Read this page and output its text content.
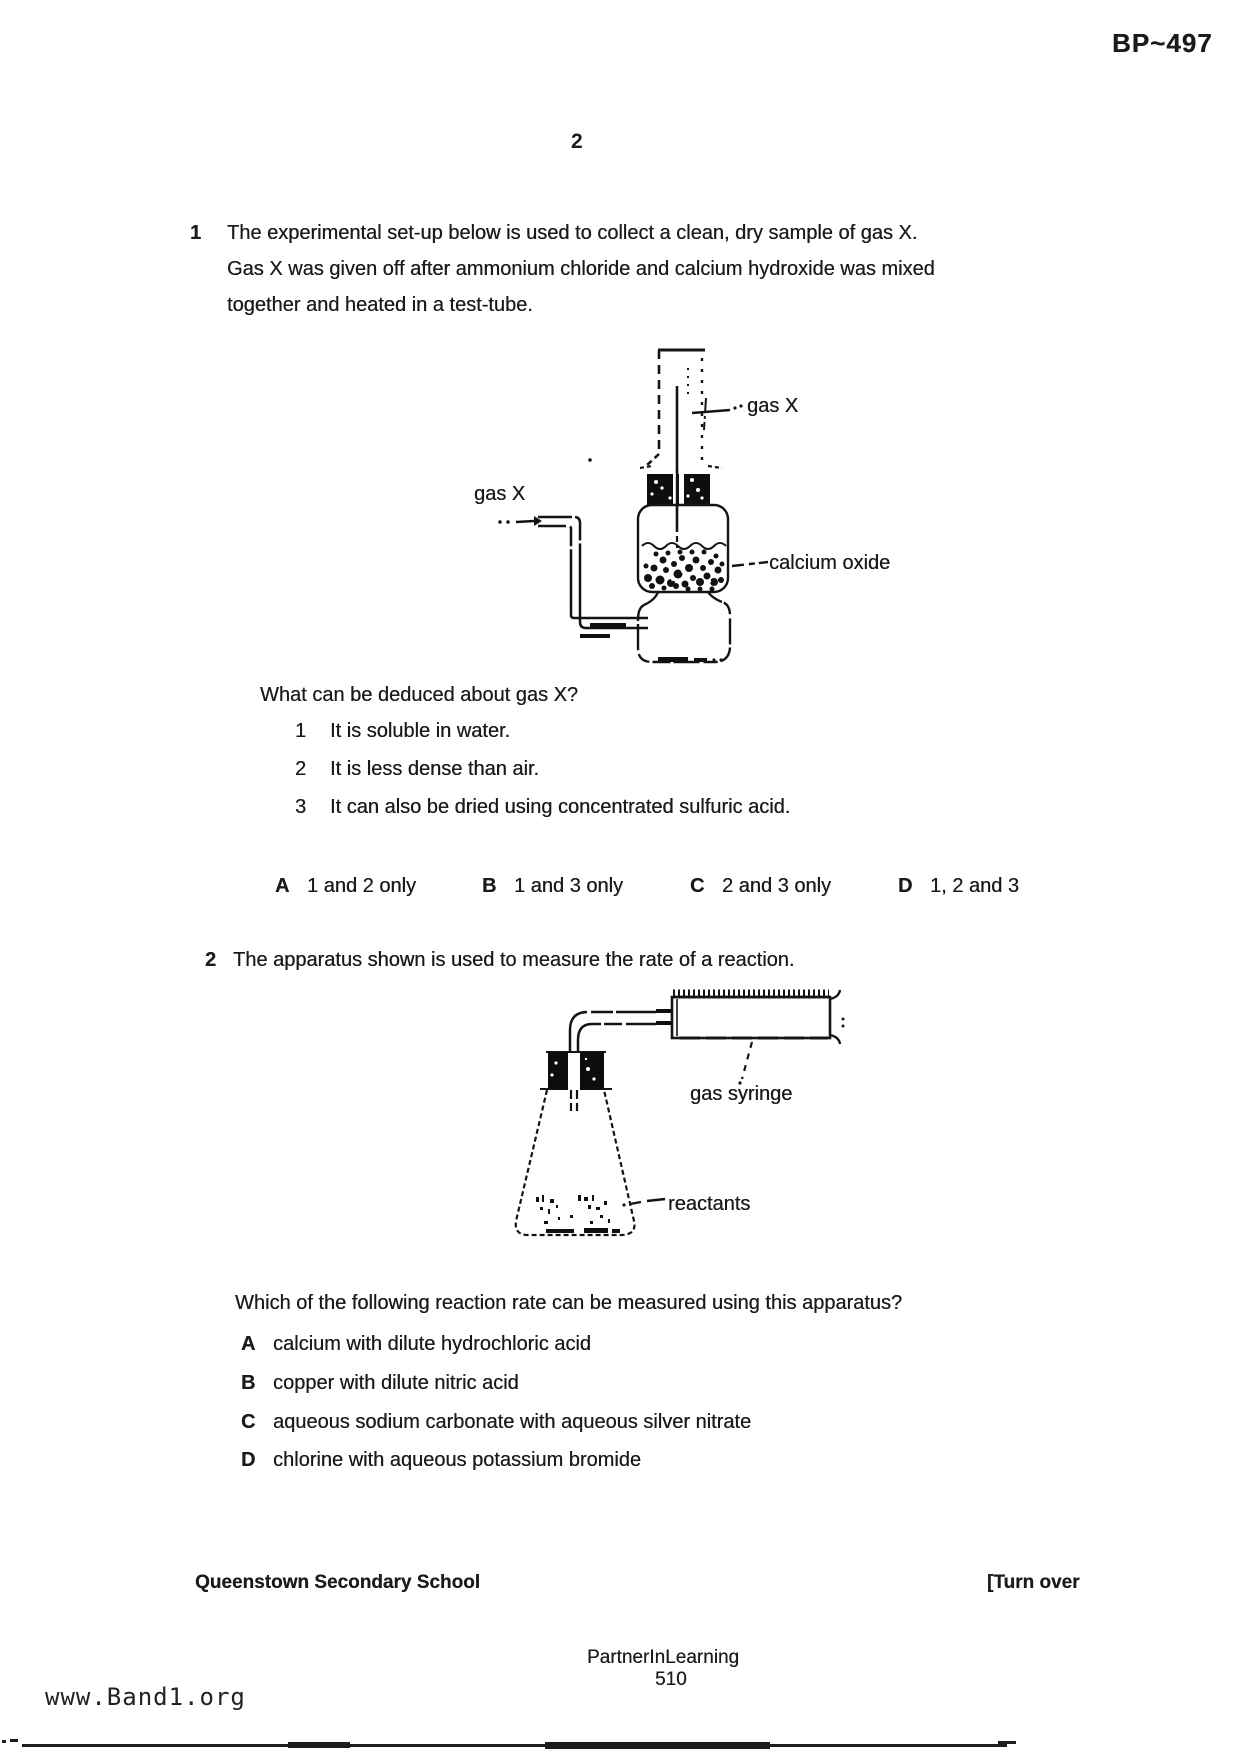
BP~497
2
1 The experimental set-up below is used to collect a clean, dry sample of gas X.
Gas X was given off after ammonium chloride and calcium hydroxide was mixed
together and heated in a test-tube.
gas X
gas X
calcium oxide
What can be deduced about gas X?
1 It is soluble in water.
2 It is less dense than air.
3 It can also be dried using concentrated sulfuric acid.
A 1 and 2 only	B 1 and 3 only	C 2 and 3 only	D 1, 2 and 3
2 The apparatus shown is used to measure the rate of a reaction.
gas syringe
reactants
Which of the following reaction rate can be measured using this apparatus?
A calcium with dilute hydrochloric acid
B copper with dilute nitric acid
C aqueous sodium carbonate with aqueous silver nitrate
D chlorine with aqueous potassium bromide
Queenstown Secondary School	[Turn over
PartnerInLearning
510
www.Band1.org
